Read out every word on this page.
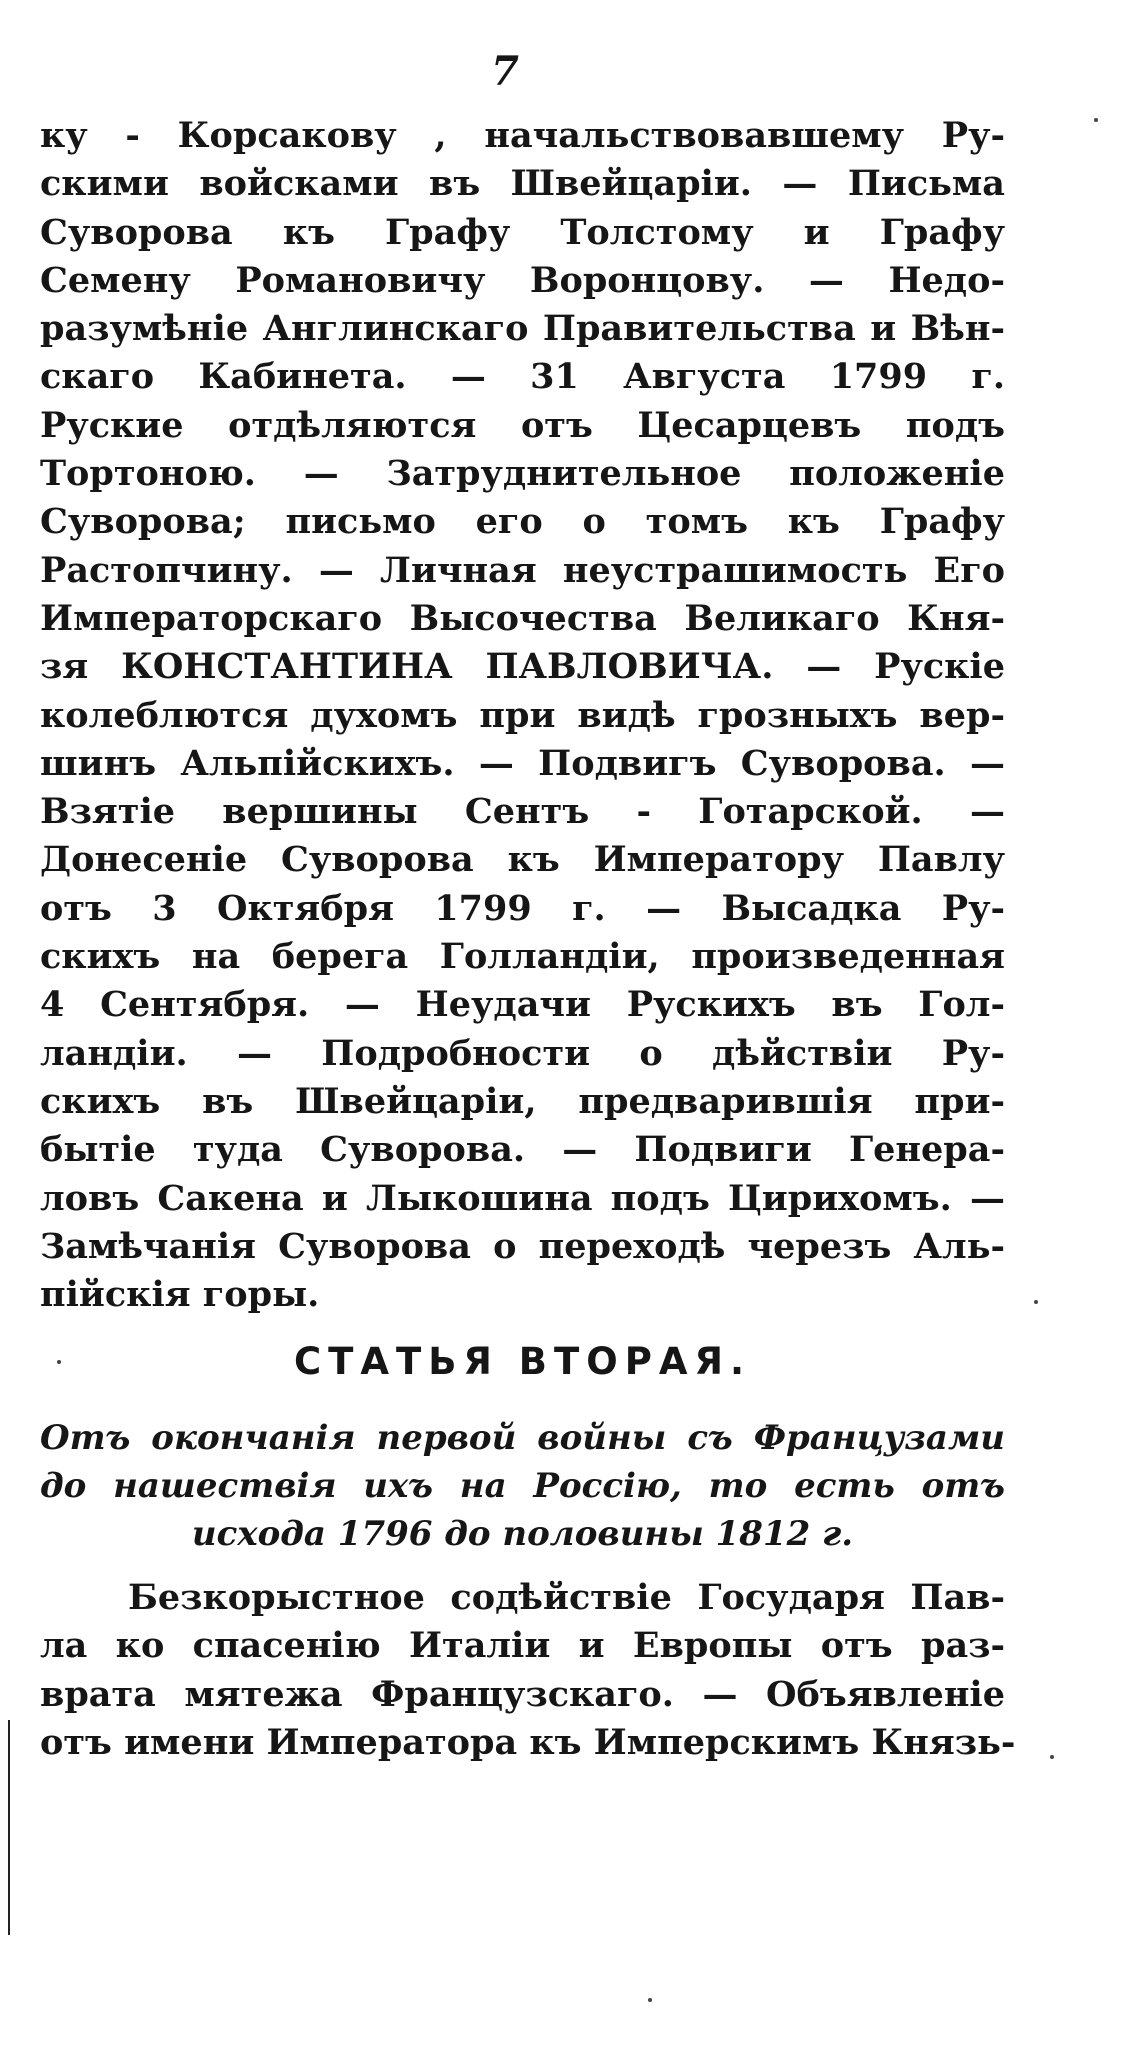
7
ку - Корсакову , начальствовавшему Ру-
скими войсками въ Швейцаріи. — Письма
Суворова къ Графу Толстому и Графу
Семену Романовичу Воронцову. — Недо-
разумѣніе Англинскаго Правительства и Вѣн-
скаго Кабинета. — 31 Августа 1799 г.
Руские отдѣляются отъ Цесарцевъ подъ
Тортоною. — Затруднительное положеніе
Суворова; письмо его о томъ къ Графу
Растопчину. — Личная неустрашимость Его
Императорскаго Высочества Великаго Кня-
зя КОНСТАНТИНА ПАВЛОВИЧА. — Рускіе
колеблются духомъ при видѣ грозныхъ вер-
шинъ Альпійскихъ. — Подвигъ Суворова. —
Взятіе вершины Сентъ - Готарской. —
Донесеніе Суворова къ Императору Павлу
отъ 3 Октября 1799 г. — Высадка Ру-
скихъ на берега Голландіи, произведенная
4 Сентября. — Неудачи Рускихъ въ Гол-
ландіи. — Подробности о дѣйствіи Ру-
скихъ въ Швейцаріи, предварившія при-
бытіе туда Суворова. — Подвиги Генера-
ловъ Сакена и Лыкошина подъ Цирихомъ. —
Замѣчанія Суворова о переходѣ черезъ Аль-
пійскія горы.
СТАТЬЯ ВТОРАЯ.
Отъ окончанія первой войны съ Французами
до нашествія ихъ на Россію, то есть отъ
исхода 1796 до половины 1812 г.
Безкорыстное содѣйствіе Государя Пав-
ла ко спасенію Италіи и Европы отъ раз-
врата мятежа Французскаго. — Объявленіе
отъ имени Императора къ Имперскимъ Князь-
